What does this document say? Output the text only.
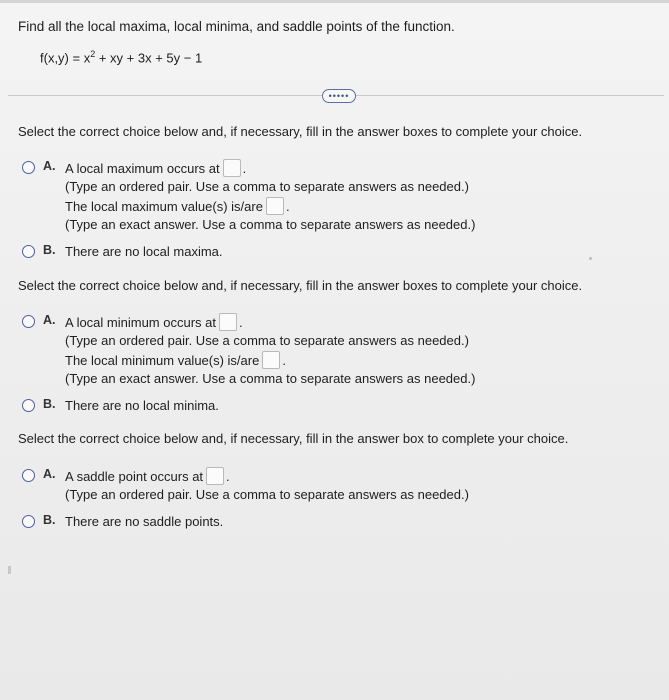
Find all the local maxima, local minima, and saddle points of the function.
$f(x,y) = x^2$ + xy + 3x + 5y − 1
•••••
Select the correct choice below and, if necessary, fill in the answer boxes to complete your choice.
A. A local maximum occurs at .
(Type an ordered pair. Use a comma to separate answers as needed.)
The local maximum value(s) is/are .
(Type an exact answer. Use a comma to separate answers as needed.)
B. There are no local maxima.
Select the correct choice below and, if necessary, fill in the answer boxes to complete your choice.
A. A local minimum occurs at .
(Type an ordered pair. Use a comma to separate answers as needed.)
The local minimum value(s) is/are .
(Type an exact answer. Use a comma to separate answers as needed.)
B. There are no local minima.
Select the correct choice below and, if necessary, fill in the answer box to complete your choice.
A. A saddle point occurs at .
(Type an ordered pair. Use a comma to separate answers as needed.)
B. There are no saddle points.
